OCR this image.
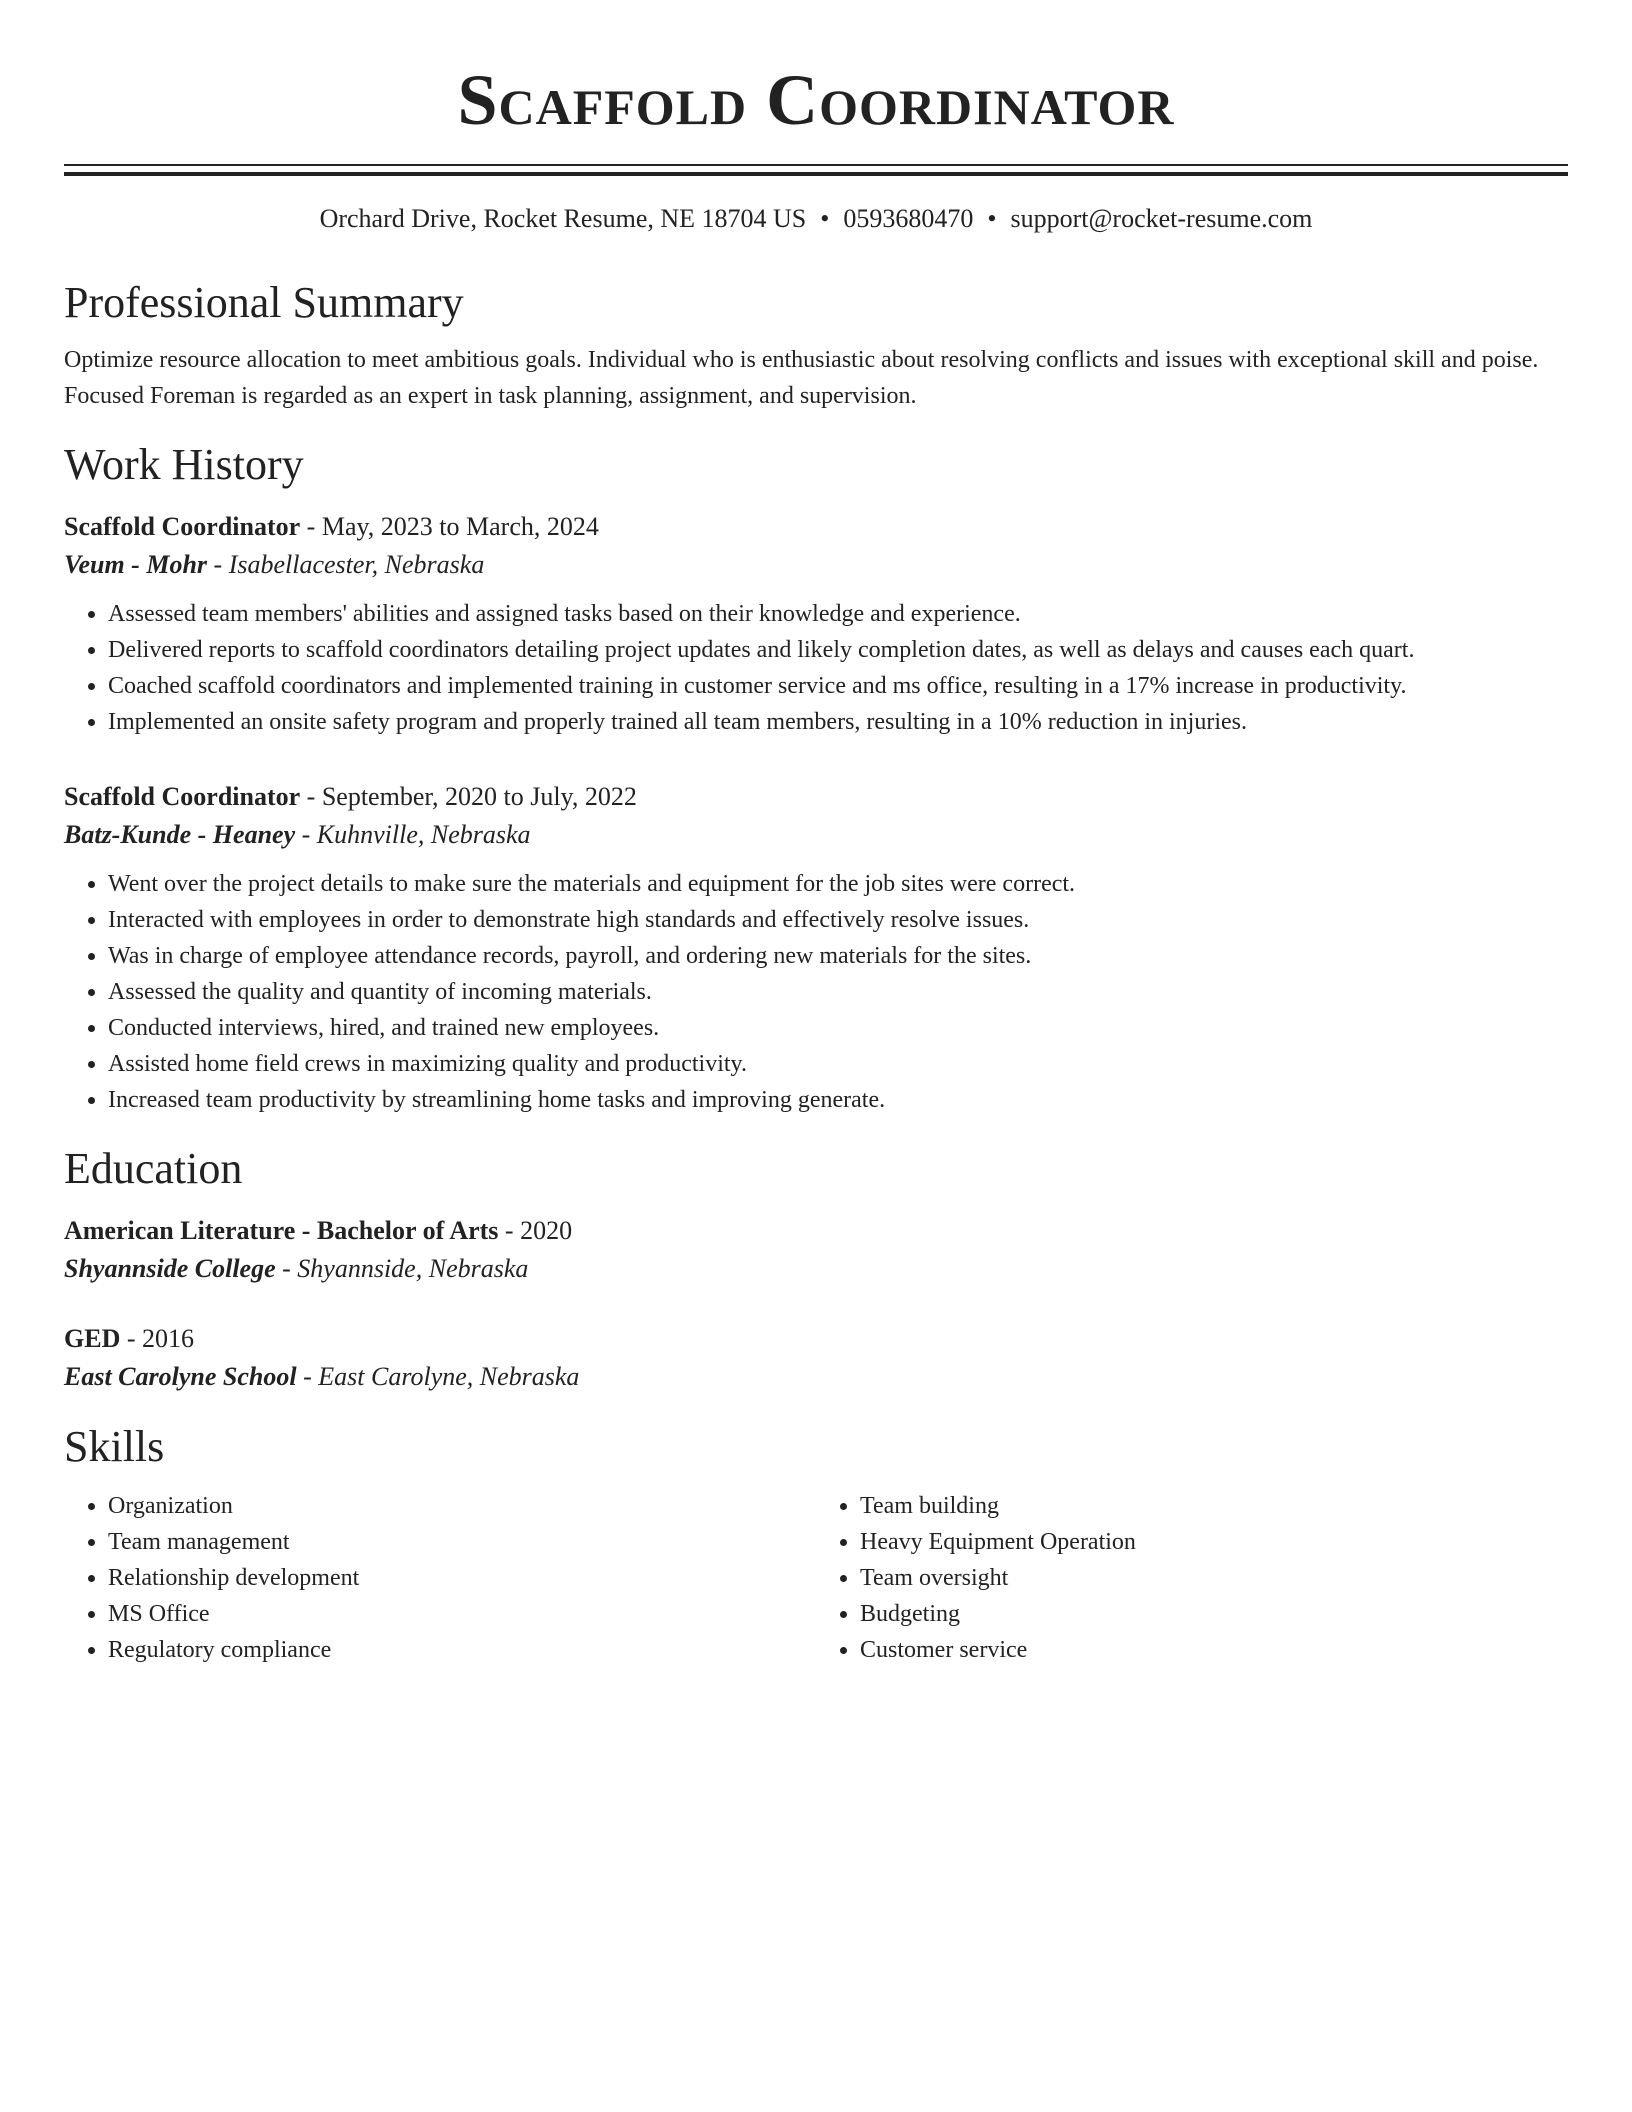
Scaffold Coordinator
Orchard Drive, Rocket Resume, NE 18704 US • 0593680470 • support@rocket-resume.com
Professional Summary
Optimize resource allocation to meet ambitious goals. Individual who is enthusiastic about resolving conflicts and issues with exceptional skill and poise. Focused Foreman is regarded as an expert in task planning, assignment, and supervision.
Work History
Scaffold Coordinator - May, 2023 to March, 2024
Veum - Mohr - Isabellacester, Nebraska
• Assessed team members' abilities and assigned tasks based on their knowledge and experience.
• Delivered reports to scaffold coordinators detailing project updates and likely completion dates, as well as delays and causes each quart.
• Coached scaffold coordinators and implemented training in customer service and ms office, resulting in a 17% increase in productivity.
• Implemented an onsite safety program and properly trained all team members, resulting in a 10% reduction in injuries.
Scaffold Coordinator - September, 2020 to July, 2022
Batz-Kunde - Heaney - Kuhnville, Nebraska
• Went over the project details to make sure the materials and equipment for the job sites were correct.
• Interacted with employees in order to demonstrate high standards and effectively resolve issues.
• Was in charge of employee attendance records, payroll, and ordering new materials for the sites.
• Assessed the quality and quantity of incoming materials.
• Conducted interviews, hired, and trained new employees.
• Assisted home field crews in maximizing quality and productivity.
• Increased team productivity by streamlining home tasks and improving generate.
Education
American Literature - Bachelor of Arts - 2020
Shyannside College - Shyannside, Nebraska
GED - 2016
East Carolyne School - East Carolyne, Nebraska
Skills
• Organization
• Team management
• Relationship development
• MS Office
• Regulatory compliance
• Team building
• Heavy Equipment Operation
• Team oversight
• Budgeting
• Customer service
